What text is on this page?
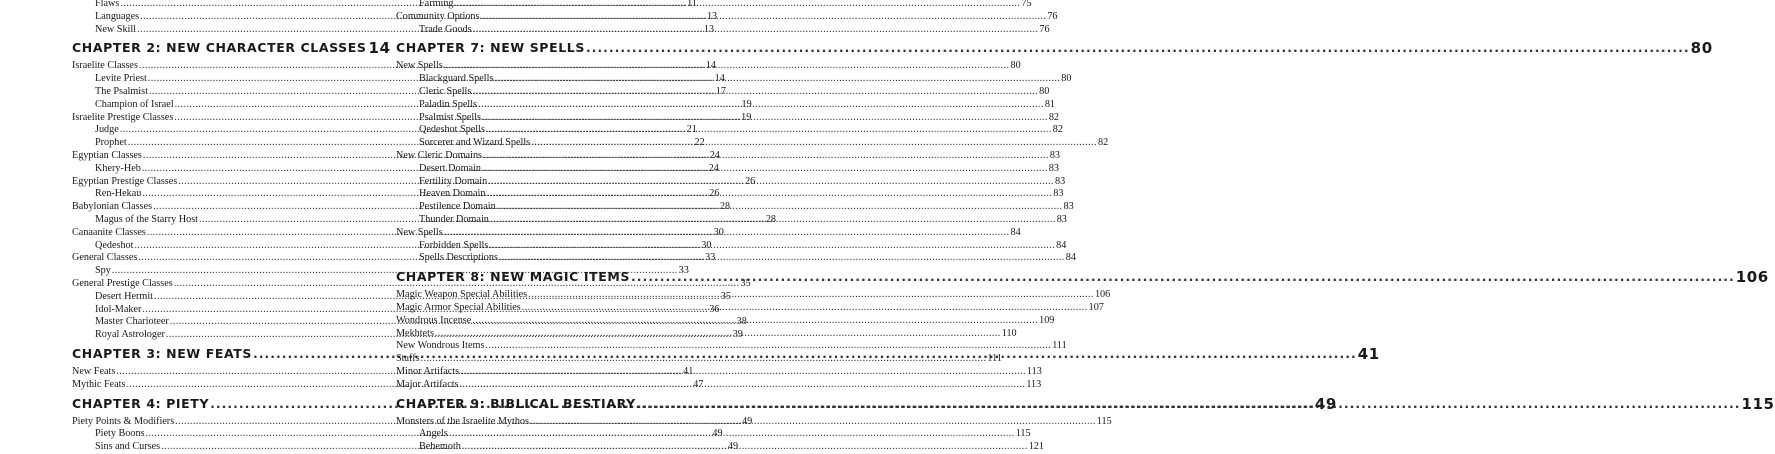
Flaws .....	11
Languages .....	13
New Skill .....	13
CHAPTER 2: NEW CHARACTER CLASSES 14
Israelite Classes .....	14
Levite Priest .....	14
The Psalmist .....	17
Champion of Israel .....	19
Israelite Prestige Classes .....	19
Judge .....	21
Prophet .....	22
Egyptian Classes .....	24
Khery-Heb .....	24
Egyptian Prestige Classes .....	26
Ren-Hekau .....	26
Babylonian Classes .....	28
Magus of the Starry Host .....	28
Canaanite Classes .....	30
Qedeshot .....	30
General Classes .....	33
Spy .....	33
General Prestige Classes .....	35
Desert Hermit .....	35
Idol-Maker .....	36
Master Charioteer .....	38
Royal Astrologer .....	39
CHAPTER 3: NEW FEATS .....	41
New Feats .....	41
Mythic Feats .....	47
CHAPTER 4: PIETY .....	49
Piety Points & Modifiers .....	49
Piety Boons .....	49
Sins and Curses .....	49
Farming .....	75
Community Options .....	76
Trade Goods .....	76
CHAPTER 7: NEW SPELLS .....	80
New Spells .....	80
Blackguard Spells .....	80
Cleric Spells .....	80
Paladin Spells .....	81
Psalmist Spells .....	82
Qedeshot Spells .....	82
Sorcerer and Wizard Spells .....	82
New Cleric Domains .....	83
Desert Domain .....	83
Fertility Domain .....	83
Heaven Domain .....	83
Pestilence Domain .....	83
Thunder Domain .....	83
New Spells .....	84
Forbidden Spells .....	84
Spells Descriptions .....	84
CHAPTER 8: NEW MAGIC ITEMS .....	106
Magic Weapon Special Abilities .....	106
Magic Armor Special Abilities .....	107
Wondrous Incense .....	109
Mekhtets .....	110
New Wondrous Items .....	111
Staffs .....	111
Minor Artifacts .....	113
Major Artifacts .....	113
CHAPTER 9: BIBLICAL BESTIARY .....	115
Monsters of the Israelite Mythos .....	115
Angels .....	115
Behemoth .....	121
